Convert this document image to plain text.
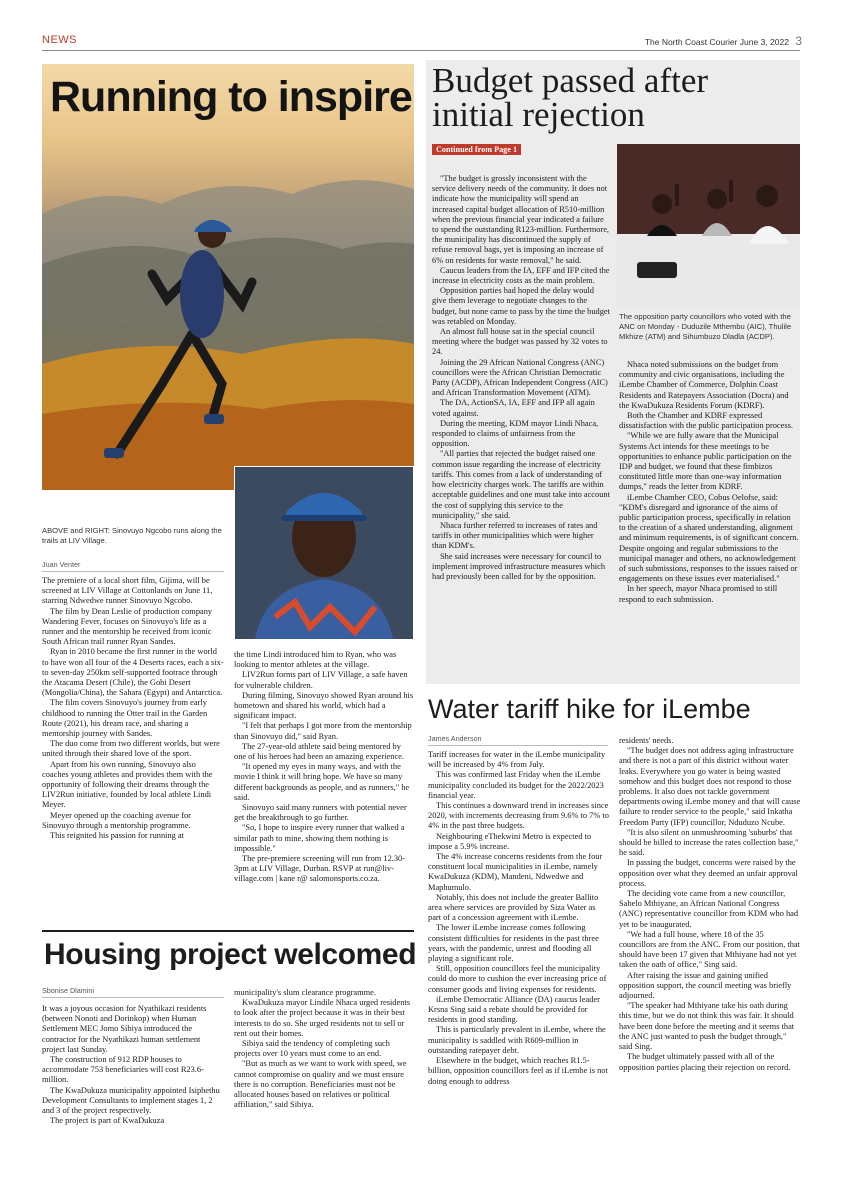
NEWS	The North Coast Courier June 3, 2022 3
Running to inspire
ABOVE and RIGHT: Sinovuyo Ngcobo runs along the trails at LIV Village.
Juan Venter

The premiere of a local short film, Gijima, will be screened at LIV Village at Cottonlands on June 11, starring Ndwedwe runner Sinovuyo Ngcobo.

The film by Dean Leslie of production company Wandering Fever, focuses on Sinovuyo's life as a runner and the mentorship he received from iconic South African trail runner Ryan Sandes.

Ryan in 2010 became the first runner in the world to have won all four of the 4 Deserts races, each a six-to seven-day 250km self-supported footrace through the Atacama Desert (Chile), the Gobi Desert (Mongolia/China), the Sahara (Egypt) and Antarctica.

The film covers Sinovuyo's journey from early childhood to running the Otter trail in the Garden Route (2021), his dream race, and sharing a mentorship journey with Sandes.

The duo come from two different worlds, but were united through their shared love of the sport.

Apart from his own running, Sinovuyo also coaches young athletes and provides them with the opportunity of following their dreams through the LIV2Run initiative, founded by local athlete Lindi Meyer.

Meyer opened up the coaching avenue for Sinovuyo through a mentorship programme.

This reignited his passion for running at

the time Lindi introduced him to Ryan, who was looking to mentor athletes at the village.

LIV2Run forms part of LIV Village, a safe haven for vulnerable children.

During filming, Sinovuyo showed Ryan around his hometown and shared his world, which had a significant impact.

"I felt that perhaps I got more from the mentorship than Sinovuyo did," said Ryan.

The 27-year-old athlete said being mentored by one of his heroes had been an amazing experience.

"It opened my eyes in many ways, and with the movie I think it will bring hope. We have so many different backgrounds as people, and as runners," he said.

Sinovuyo said many runners with potential never get the breakthrough to go further.

"So, I hope to inspire every runner that walked a similar path to mine, showing them nothing is impossible."

The pre-premiere screening will run from 12.30-3pm at LIV Village, Durban. RSVP at run@liv-village.com | kane r@ salomonsports.co.za.

Budget passed after initial rejection
Continued from Page 1

"The budget is grossly inconsistent with the service delivery needs of the community. It does not indicate how the municipality will spend an increased capital budget allocation of R510-million when the previous financial year indicated a failure to spend the outstanding R123-million. Furthermore, the municipality has discontinued the supply of refuse removal bags, yet is imposing an increase of 6% on residents for waste removal," he said.

Caucus leaders from the IA, EFF and IFP cited the increase in electricity costs as the main problem.

Opposition parties had hoped the delay would give them leverage to negotiate changes to the budget, but none came to pass by the time the budget was retabled on Monday.

An almost full house sat in the special council meeting where the budget was passed by 32 votes to 24.

Joining the 29 African National Congress (ANC) councillors were the African Christian Democratic Party (ACDP), African Independent Congress (AIC) and African Transformation Movement (ATM).

The DA, ActionSA, IA, EFF and IFP all again voted against.

During the meeting, KDM mayor Lindi Nhaca, responded to claims of unfairness from the opposition.

"All parties that rejected the budget raised one common issue regarding the increase of electricity tariffs. This comes from a lack of understanding of how electricity charges work. The tariffs are within acceptable guidelines and one must take into account the cost of supplying this service to the municipality," she said.

Nhaca further referred to increases of rates and tariffs in other municipalities which were higher than KDM's.

She said increases were necessary for council to implement improved infrastructure measures which had previously been called for by the opposition.

The opposition party councillors who voted with the ANC on Monday - Duduzile Mthembu (AIC), Thulile Mkhize (ATM) and Sihumbuzo Dladla (ACDP).

Nhaca noted submissions on the budget from community and civic organisations, including the iLembe Chamber of Commerce, Dolphin Coast Residents and Ratepayers Association (Docra) and the KwaDukuza Residents Forum (KDRF).

Both the Chamber and KDRF expressed dissatisfaction with the public participation process.

"While we are fully aware that the Municipal Systems Act intends for these meetings to be opportunities to enhance public participation on the IDP and budget, we found that these fimbizos constituted little more than one-way information dumps," reads the letter from KDRF.

iLembe Chamber CEO, Cobus Oelofse, said: "KDM's disregard and ignorance of the aims of public participation process, specifically in relation to the creation of a shared understanding, alignment and minimum requirements, is of significant concern. Despite ongoing and regular submissions to the municipal manager and others, no acknowledgement of such submissions, responses to the issues raised or engagements on these issues ever materialised."

In her speech, mayor Nhaca promised to still respond to each submission.

Water tariff hike for iLembe
James Anderson

Tariff increases for water in the iLembe municipality will be increased by 4% from July.

This was confirmed last Friday when the iLembe municipality concluded its budget for the 2022/2023 financial year.

This continues a downward trend in increases since 2020, with increments decreasing from 9.6% to 7% to 4% in the past three budgets.

Neighbouring eThekwini Metro is expected to impose a 5.9% increase.

The 4% increase concerns residents from the four constituent local municipalities in iLembe, namely KwaDukuza (KDM), Mandeni, Ndwedwe and Maphumulo.

Notably, this does not include the greater Ballito area where services are provided by Siza Water as part of a concession agreement with iLembe.

The lower iLembe increase comes following consistent difficulties for residents in the past three years, with the pandemic, unrest and flooding all playing a significant role.

Still, opposition councillors feel the municipality could do more to cushion the ever increasing price of consumer goods and living expenses for residents.

iLembe Democratic Alliance (DA) caucus leader Krsna Sing said a rebate should be provided for residents in good standing.

This is particularly prevalent in iLembe, where the municipality is saddled with R609-million in outstanding ratepayer debt.

Elsewhere in the budget, which reaches R1.5-billion, opposition councillors feel as if iLembe is not doing enough to address

residents' needs.

"The budget does not address aging infrastructure and there is not a part of this district without water leaks. Everywhere you go water is being wasted somehow and this budget does not respond to those problems. It also does not tackle government departments owing iLembe money and that will cause failure to render service to the people," said Inkatha Freedom Party (IFP) councillor, Nduduzo Ncube.

"It is also silent on unmushrooming 'suburbs' that should be billed to increase the rates collection base," he said.

In passing the budget, concerns were raised by the opposition over what they deemed an unfair approval process.

The deciding vote came from a new councillor, Sabelo Mthiyane, an African National Congress (ANC) representative councillor from KDM who had yet to be inaugurated.

"We had a full house, where 18 of the 35 councillors are from the ANC. From our position, that should have been 17 given that Mthiyane had not yet taken the oath of office," Sing said.

After raising the issue and gaining unified opposition support, the council meeting was briefly adjourned.

"The speaker had Mthiyane take his oath during this time, but we do not think this was fair. It should have been done before the meeting and it seems that the ANC just wanted to push the budget through," said Sing.

The budget ultimately passed with all of the opposition parties placing their rejection on record.

Housing project welcomed
Sbonise Dlamini

It was a joyous occasion for Nyathikazi residents (between Nonoti and Dorinkop) when Human Settlement MEC Jomo Sibiya introduced the contractor for the Nyathikazi human settlement project last Sunday.

The construction of 912 RDP houses to accommodate 753 beneficiaries will cost R23.6-million.

The KwaDukuza municipality appointed Isiphethu Development Consultants to implement stages 1, 2 and 3 of the project respectively.

The project is part of KwaDukuza

municipality's slum clearance programme.

KwaDukuza mayor Lindile Nhaca urged residents to look after the project because it was in their best interests to do so. She urged residents not to sell or rent out their homes.

Sibiya said the tendency of completing such projects over 10 years must come to an end.

"But as much as we want to work with speed, we cannot compromise on quality and we must ensure there is no corruption. Beneficiaries must not be allocated houses based on relatives or political affiliation," said Sibiya.
